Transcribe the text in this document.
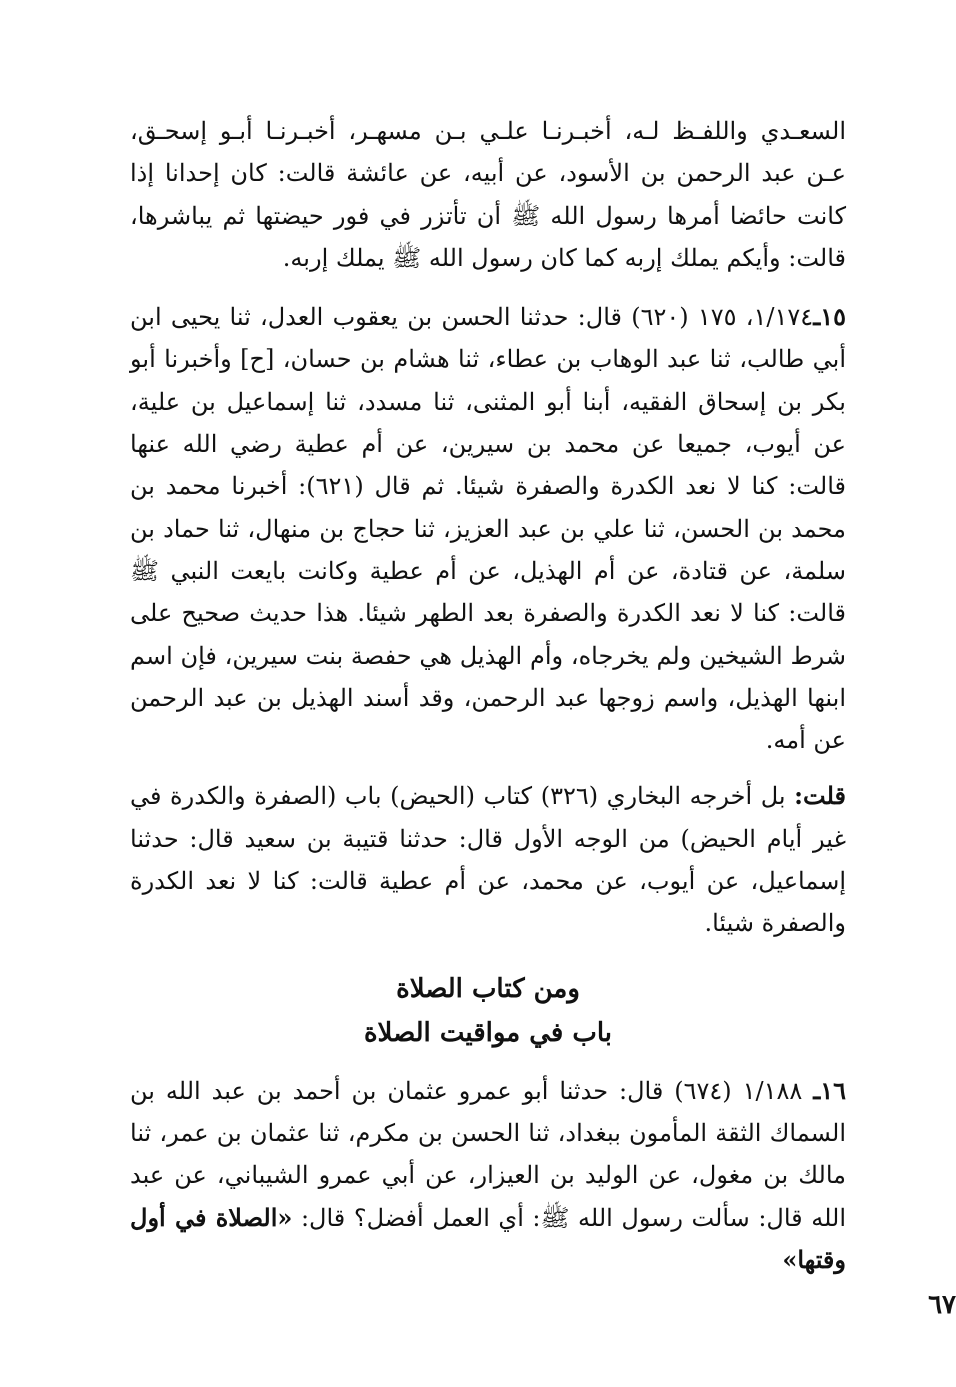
السعـدي واللفـظ لـه، أخبـرنـا علـي بـن مسهـر، أخبـرنـا أبـو إسحـق، عـن عبد الرحمن بن الأسود، عن أبيه، عن عائشة قالت: كان إحدانا إذا كانت حائضا أمرها رسول الله ﷺ أن تأتزر في فور حيضتها ثم يباشرها، قالت: وأيكم يملك إربه كما كان رسول الله ﷺ يملك إربه.

١٥ـ١/١٧٤، ١٧٥ (٦٢٠) قال: حدثنا الحسن بن يعقوب العدل، ثنا يحيى ابن أبي طالب، ثنا عبد الوهاب بن عطاء، ثنا هشام بن حسان، [ح] وأخبرنا أبو بكر بن إسحاق الفقيه، أبنا أبو المثنى، ثنا مسدد، ثنا إسماعيل بن علية، عن أيوب، جميعا عن محمد بن سيرين، عن أم عطية رضي الله عنها قالت: كنا لا نعد الكدرة والصفرة شيئا. ثم قال (٦٢١): أخبرنا محمد بن محمد بن الحسن، ثنا علي بن عبد العزيز، ثنا حجاج بن منهال، ثنا حماد بن سلمة، عن قتادة، عن أم الهذيل، عن أم عطية وكانت بايعت النبي ﷺ قالت: كنا لا نعد الكدرة والصفرة بعد الطهر شيئا. هذا حديث صحيح على شرط الشيخين ولم يخرجاه، وأم الهذيل هي حفصة بنت سيرين، فإن اسم ابنها الهذيل، واسم زوجها عبد الرحمن، وقد أسند الهذيل بن عبد الرحمن عن أمه.

قلت: بل أخرجه البخاري (٣٢٦) كتاب (الحيض) باب (الصفرة والكدرة في غير أيام الحيض) من الوجه الأول قال: حدثنا قتيبة بن سعيد قال: حدثنا إسماعيل، عن أيوب، عن محمد، عن أم عطية قالت: كنا لا نعد الكدرة والصفرة شيئا.

ومن كتاب الصلاة

باب في مواقيت الصلاة

١٦ـ ١/١٨٨ (٦٧٤) قال: حدثنا أبو عمرو عثمان بن أحمد بن عبد الله بن السماك الثقة المأمون ببغداد، ثنا الحسن بن مكرم، ثنا عثمان بن عمر، ثنا مالك بن مغول، عن الوليد بن العيزار، عن أبي عمرو الشيباني، عن عبد الله قال: سألت رسول الله ﷺ: أي العمل أفضل؟ قال: «الصلاة في أول وقتها»

٦٧
